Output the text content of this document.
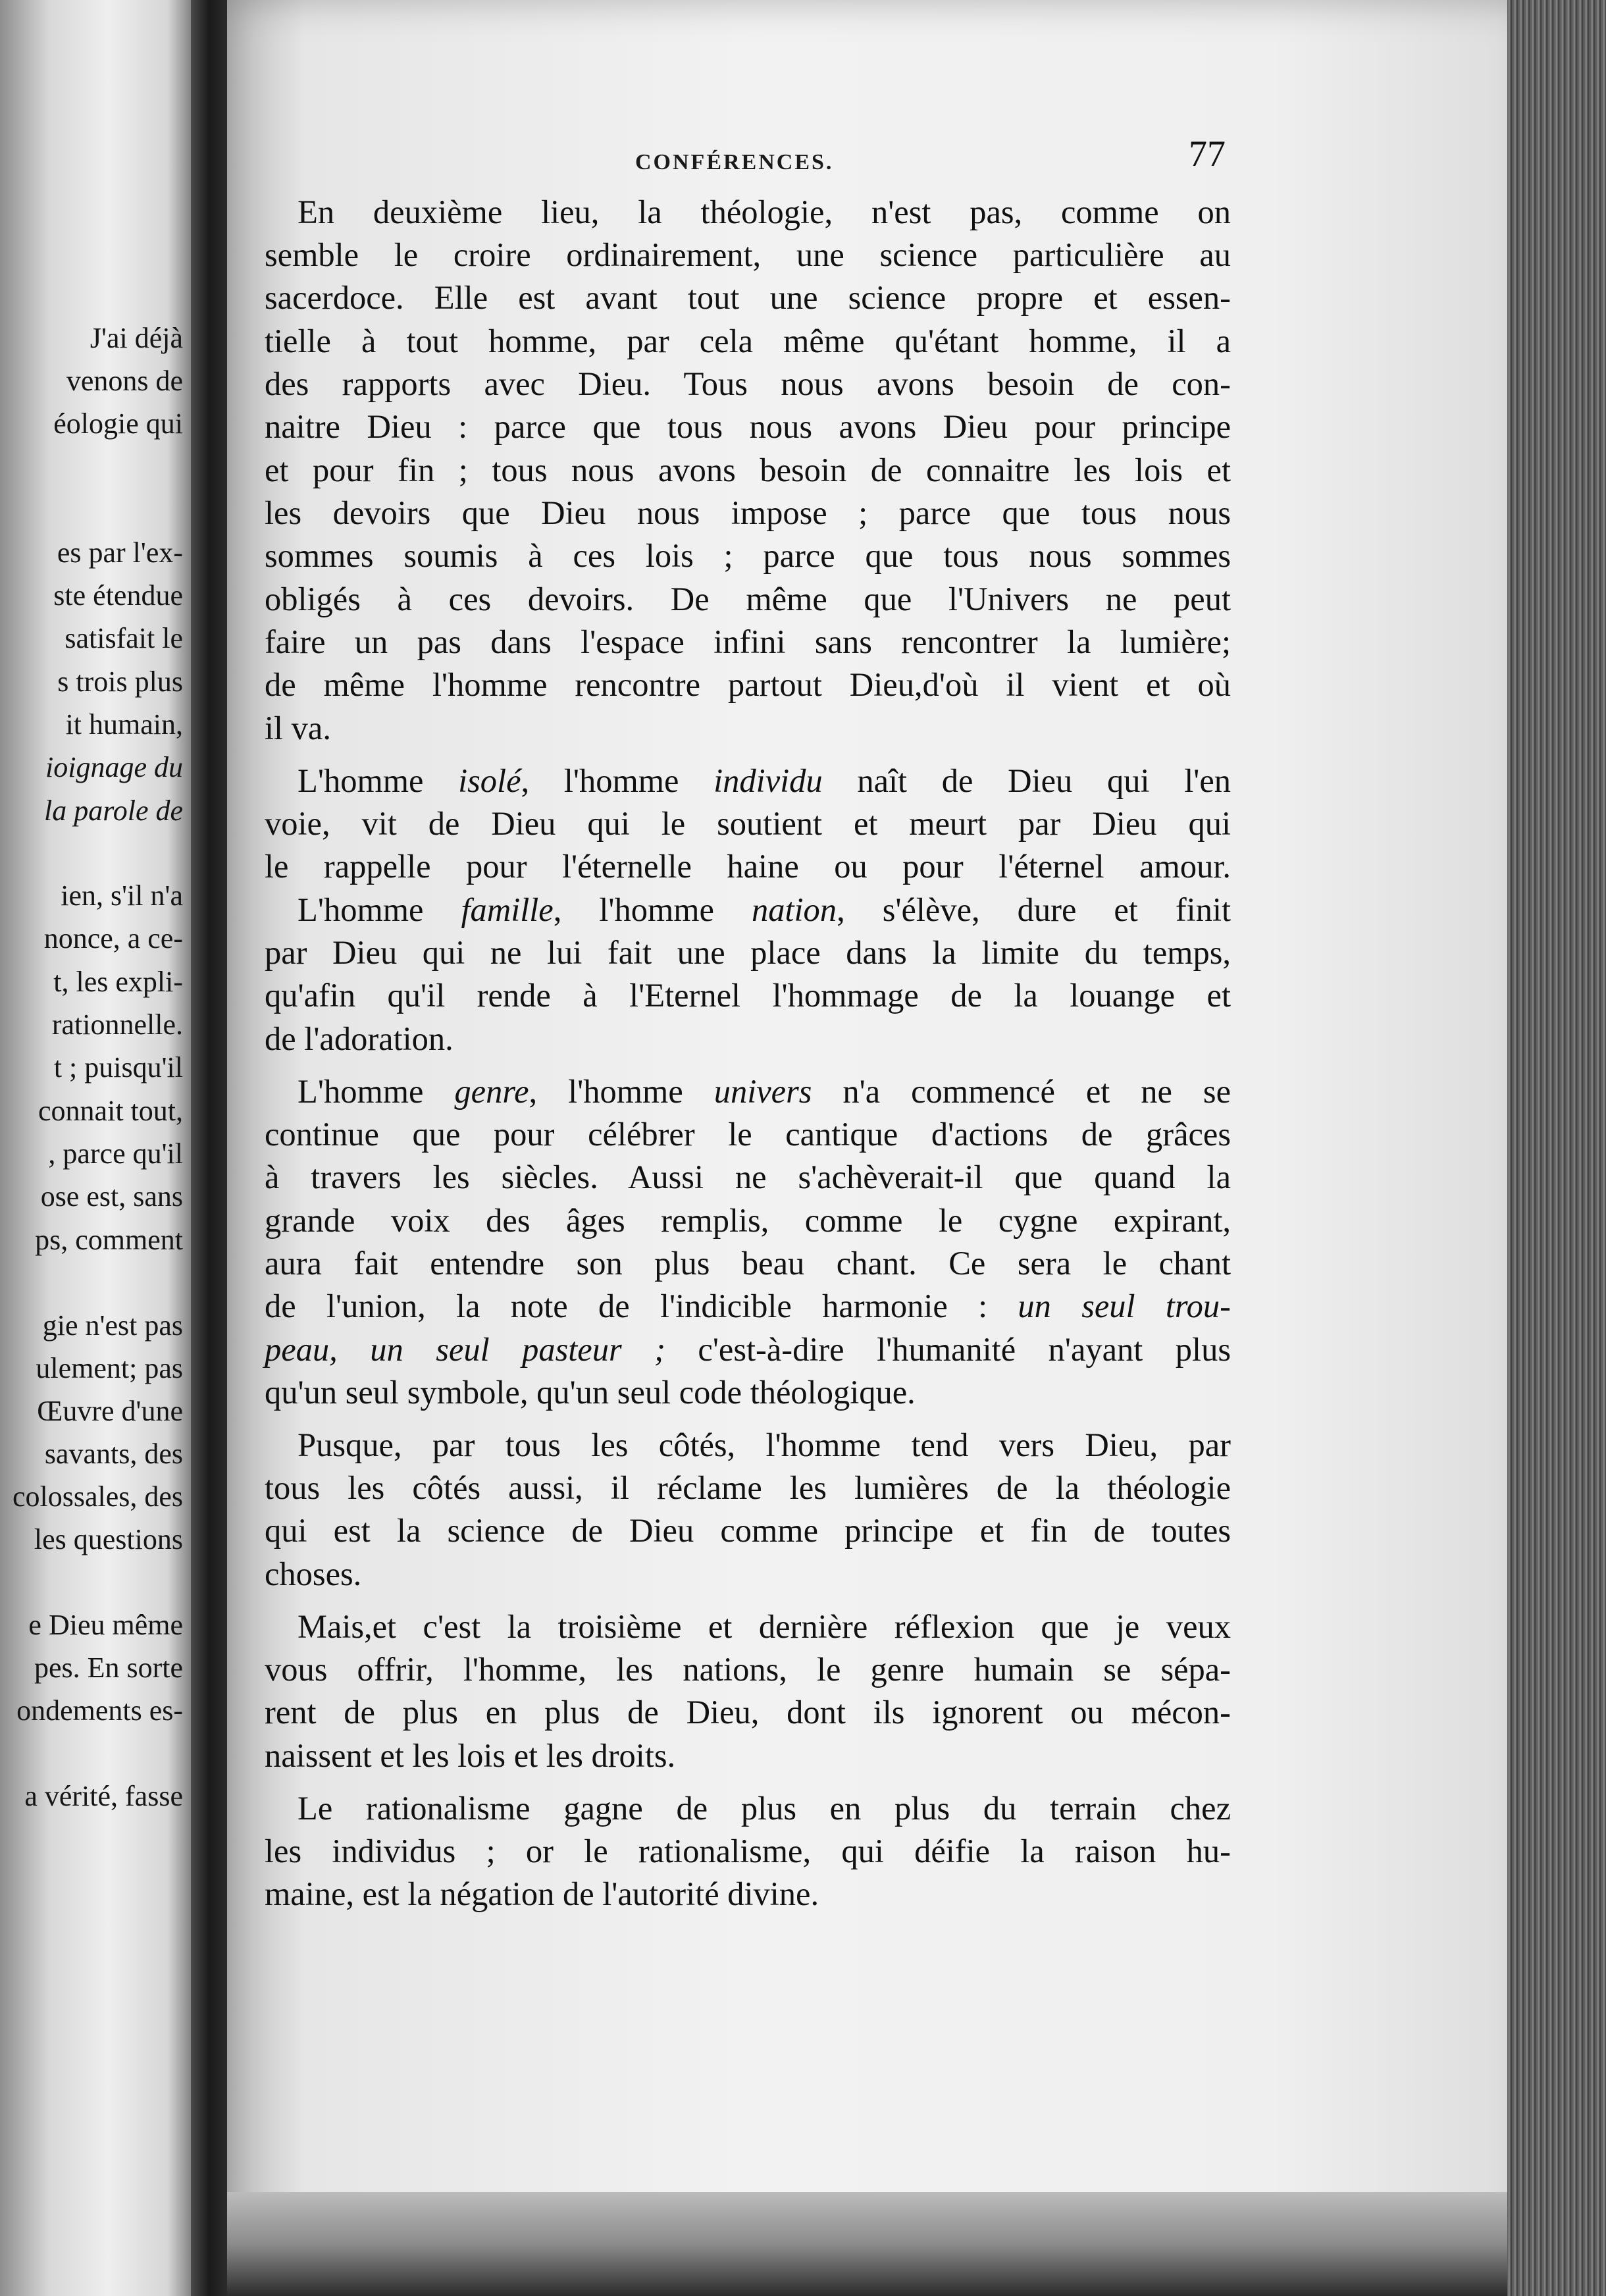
J'ai déjà
venons de
éologie qui
es par l'ex-
ste étendue
satisfait le
s trois plus
it humain,
ioignage du
la parole de
ien, s'il n'a
nonce, a ce-
t, les expli-
rationnelle.
t ; puisqu'il
connait tout,
, parce qu'il
ose est, sans
ps, comment
gie n'est pas
ulement; pas
Œuvre d'une
savants, des
colossales, des
les questions
e Dieu même
pes. En sorte
ondements es-
a vérité, fasse
CONFÉRENCES.	77
En deuxième lieu, la théologie, n'est pas, comme on
semble le croire ordinairement, une science particulière au
sacerdoce. Elle est avant tout une science propre et essen-
tielle à tout homme, par cela même qu'étant homme, il a
des rapports avec Dieu. Tous nous avons besoin de con-
naitre Dieu : parce que tous nous avons Dieu pour principe
et pour fin ; tous nous avons besoin de connaitre les lois et
les devoirs que Dieu nous impose ; parce que tous nous
sommes soumis à ces lois ; parce que tous nous sommes
obligés à ces devoirs. De même que l'Univers ne peut
faire un pas dans l'espace infini sans rencontrer la lumière;
de même l'homme rencontre partout Dieu,d'où il vient et où
il va.
L'homme isolé, l'homme individu naît de Dieu qui l'en
voie, vit de Dieu qui le soutient et meurt par Dieu qui
le rappelle pour l'éternelle haine ou pour l'éternel amour.
L'homme famille, l'homme nation, s'élève, dure et finit
par Dieu qui ne lui fait une place dans la limite du temps,
qu'afin qu'il rende à l'Eternel l'hommage de la louange et
de l'adoration.
L'homme genre, l'homme univers n'a commencé et ne se
continue que pour célébrer le cantique d'actions de grâces
à travers les siècles. Aussi ne s'achèverait-il que quand la
grande voix des âges remplis, comme le cygne expirant,
aura fait entendre son plus beau chant. Ce sera le chant
de l'union, la note de l'indicible harmonie : un seul trou-
peau, un seul pasteur ; c'est-à-dire l'humanité n'ayant plus
qu'un seul symbole, qu'un seul code théologique.
Pusque, par tous les côtés, l'homme tend vers Dieu, par
tous les côtés aussi, il réclame les lumières de la théologie
qui est la science de Dieu comme principe et fin de toutes
choses.
Mais,et c'est la troisième et dernière réflexion que je veux
vous offrir, l'homme, les nations, le genre humain se sépa-
rent de plus en plus de Dieu, dont ils ignorent ou mécon-
naissent et les lois et les droits.
Le rationalisme gagne de plus en plus du terrain chez
les individus ; or le rationalisme, qui déifie la raison hu-
maine, est la négation de l'autorité divine.
